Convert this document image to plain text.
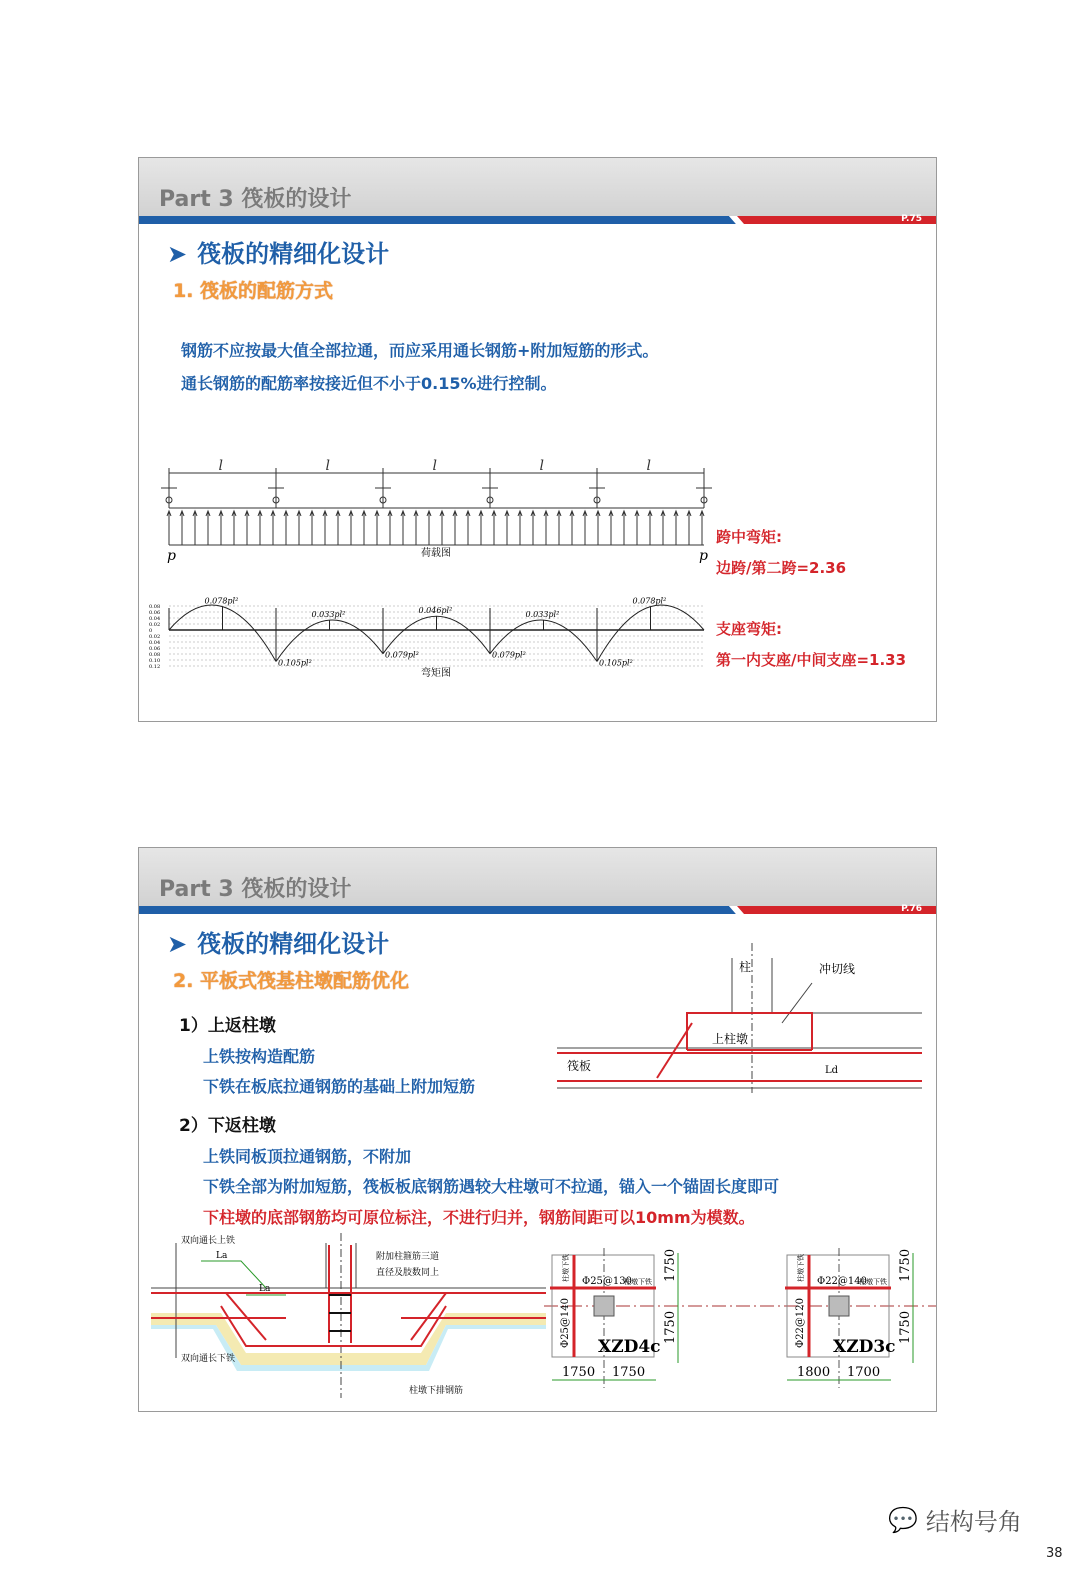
Part 3 筏板的设计
P.75
➤ 筏板的精细化设计
1. 筏板的配筋方式
钢筋不应按最大值全部拉通，而应采用通长钢筋+附加短筋的形式。
通长钢筋的配筋率按接近但不小于0.15%进行控制。
l	l	l	l	l
p	p
荷载图
0.08
0.06
0.04
0.02
0
0.02
0.04
0.06
0.08
0.10
0.12
0.078pl²
0.033pl²	0.046pl²	0.033pl²
0.078pl²
0.105pl²
0.079pl²	0.079pl²
0.105pl²
弯矩图
跨中弯矩:
边跨/第二跨=2.36
支座弯矩:
第一内支座/中间支座=1.33
Part 3 筏板的设计
P.76
➤ 筏板的精细化设计
2. 平板式筏基柱墩配筋优化
1）上返柱墩
上铁按构造配筋
下铁在板底拉通钢筋的基础上附加短筋
2）下返柱墩
上铁同板顶拉通钢筋，不附加
下铁全部为附加短筋，筏板板底钢筋遇较大柱墩可不拉通，锚入一个锚固长度即可
下柱墩的底部钢筋均可原位标注，不进行归并，钢筋间距可以10mm为模数。
柱	冲切线
上柱墩
筏板	Ld
双向通长上铁
双向通长下铁
附加柱箍筋三道
直径及肢数同上
柱墩下排钢筋
La
La
Φ25@130
柱墩下铁
Φ25@140
柱墩下铁
XZD4c
1750 1750
1750
1750
Φ22@140
柱墩下铁
Φ22@120
柱墩下铁
XZD3c
1800 1700
1750
1750
💬 结构号角
38
